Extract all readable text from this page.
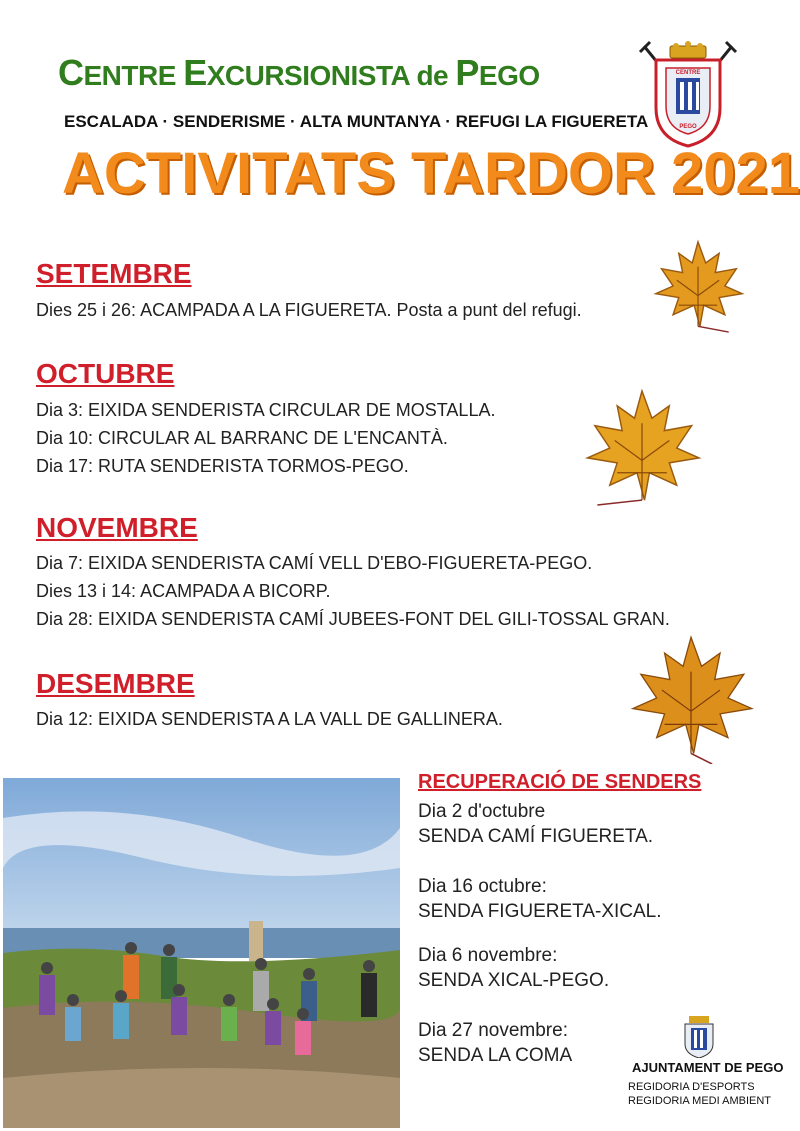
CENTRE EXCURSIONISTA de PEGO
ESCALADA · SENDERISME · ALTA MUNTANYA · REFUGI LA FIGUERETA
CENTRE
PEGO
ACTIVITATS TARDOR 2021
SETEMBRE
Dies 25 i 26: ACAMPADA A LA FIGUERETA. Posta a punt del refugi.
OCTUBRE
Dia 3: EIXIDA SENDERISTA CIRCULAR DE MOSTALLA.
Dia 10: CIRCULAR AL BARRANC DE L'ENCANTÀ.
Dia 17: RUTA SENDERISTA TORMOS-PEGO.
NOVEMBRE
Dia 7: EIXIDA SENDERISTA CAMÍ VELL D'EBO-FIGUERETA-PEGO.
Dies 13 i 14: ACAMPADA A BICORP.
Dia 28: EIXIDA SENDERISTA CAMÍ JUBEES-FONT DEL GILI-TOSSAL GRAN.
DESEMBRE
Dia 12: EIXIDA SENDERISTA A LA VALL DE GALLINERA.
RECUPERACIÓ DE SENDERS
Dia 2 d'octubre
SENDA CAMÍ FIGUERETA.
Dia 16 octubre:
SENDA FIGUERETA-XICAL.
Dia 6 novembre:
SENDA XICAL-PEGO.
Dia 27 novembre:
SENDA LA COMA
AJUNTAMENT DE PEGO
REGIDORIA D'ESPORTS
REGIDORIA MEDI AMBIENT
